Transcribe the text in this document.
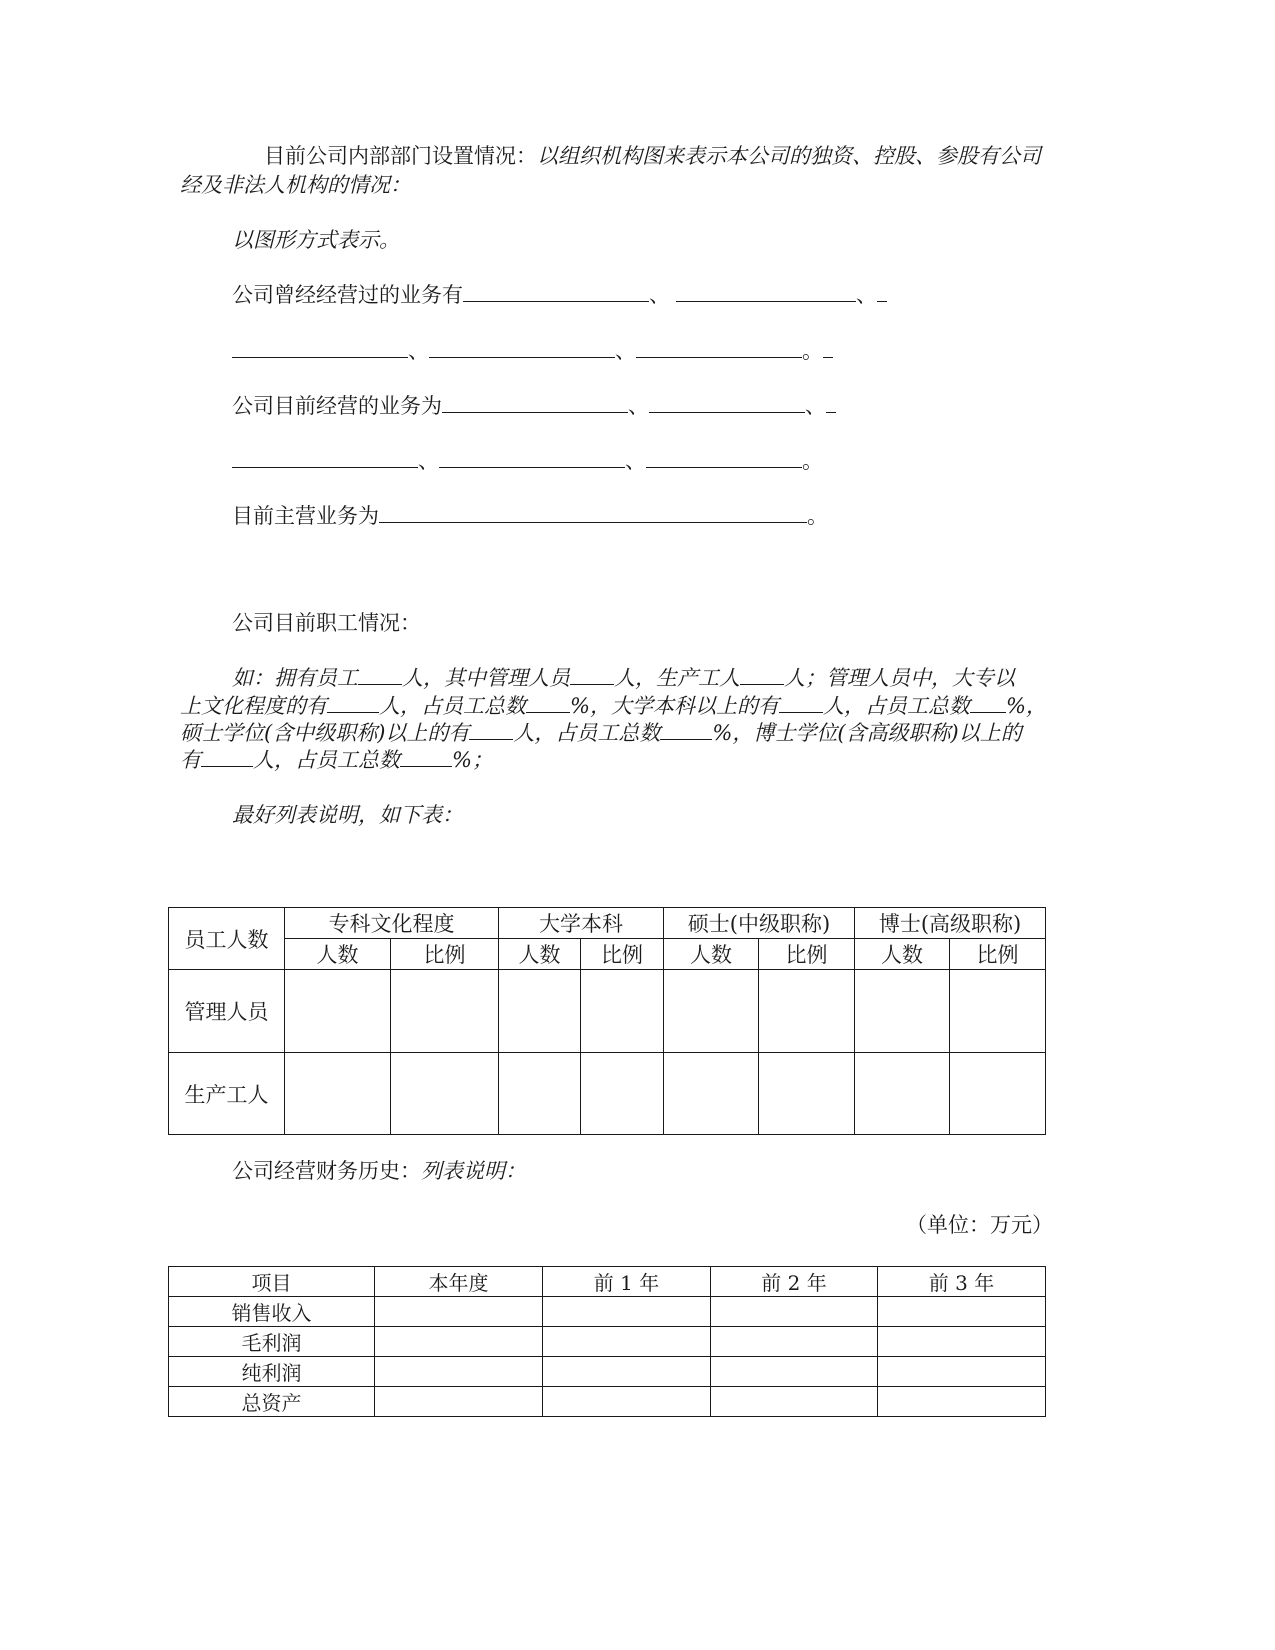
目前公司内部部门设置情况：以组织机构图来表示本公司的独资、控股、参股有公司
经及非法人机构的情况：
以图形方式表示。
公司曾经经营过的业务有	、	、
、	、	。
公司目前经营的业务为	、	、
、	、	。
目前主营业务为	。
公司目前职工情况：
如：拥有员工 人，其中管理人员 人，生产工人 人；管理人员中，大专以
上文化程度的有 人，占员工总数 %，大学本科以上的有 人，占员工总数 %，
硕士学位(含中级职称)以上的有 人，占员工总数 %，博士学位(含高级职称)以上的
有 人，占员工总数 %；
最好列表说明，如下表：
员工人数	专科文化程度		大学本科		硕士(中级职称)		博士(高级职称)	
	人数	比例	人数	比例	人数	比例	人数	比例
管理人员								
生产工人								
公司经营财务历史：列表说明：
（单位：万元）
项目	本年度	前 1 年	前 2 年	前 3 年
销售收入				
毛利润				
纯利润				
总资产				
